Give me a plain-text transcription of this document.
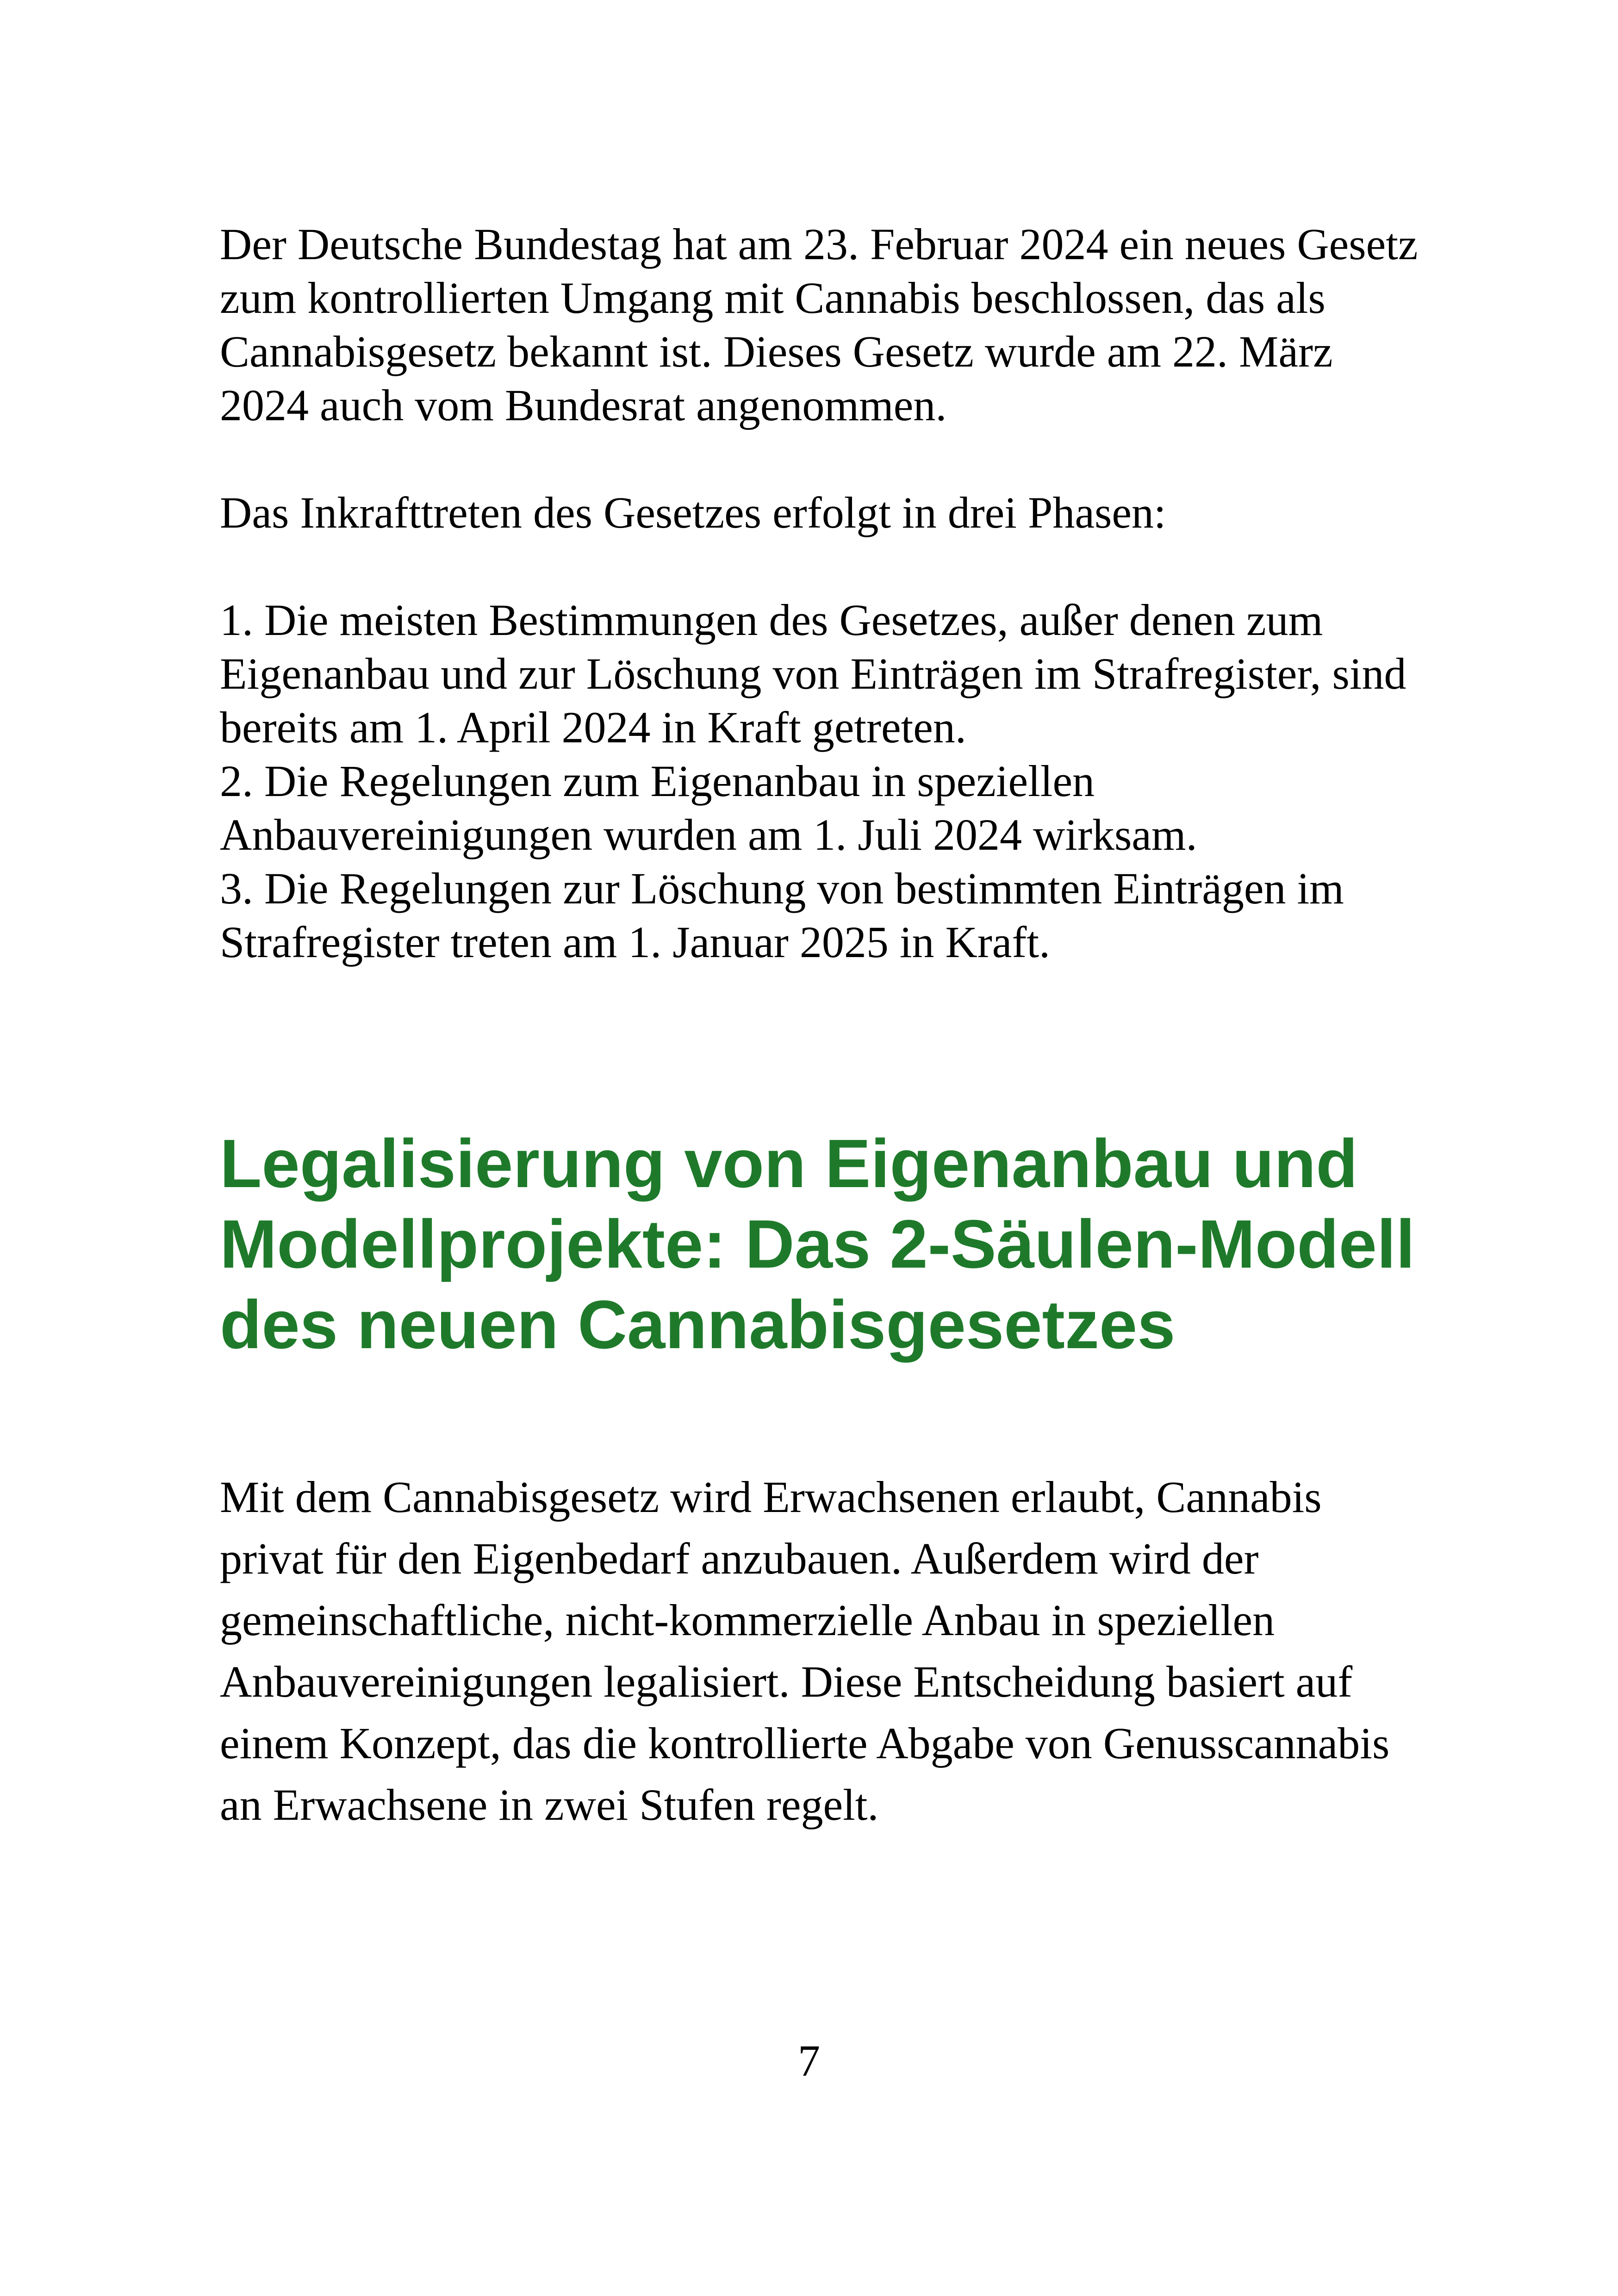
Der Deutsche Bundestag hat am 23. Februar 2024 ein neues Gesetz zum kontrollierten Umgang mit Cannabis beschlossen, das als Cannabisgesetz bekannt ist. Dieses Gesetz wurde am 22. März 2024 auch vom Bundesrat angenommen.

Das Inkrafttreten des Gesetzes erfolgt in drei Phasen:

1. Die meisten Bestimmungen des Gesetzes, außer denen zum Eigenanbau und zur Löschung von Einträgen im Strafregister, sind bereits am 1. April 2024 in Kraft getreten.

2. Die Regelungen zum Eigenanbau in speziellen Anbauvereinigungen wurden am 1. Juli 2024 wirksam.

3. Die Regelungen zur Löschung von bestimmten Einträgen im Strafregister treten am 1. Januar 2025 in Kraft.

Legalisierung von Eigenanbau und Modellprojekte: Das 2-Säulen-Modell des neuen Cannabisgesetzes

Mit dem Cannabisgesetz wird Erwachsenen erlaubt, Cannabis privat für den Eigenbedarf anzubauen. Außerdem wird der gemeinschaftliche, nicht-kommerzielle Anbau in speziellen Anbauvereinigungen legalisiert. Diese Entscheidung basiert auf einem Konzept, das die kontrollierte Abgabe von Genusscannabis an Erwachsene in zwei Stufen regelt.

7
